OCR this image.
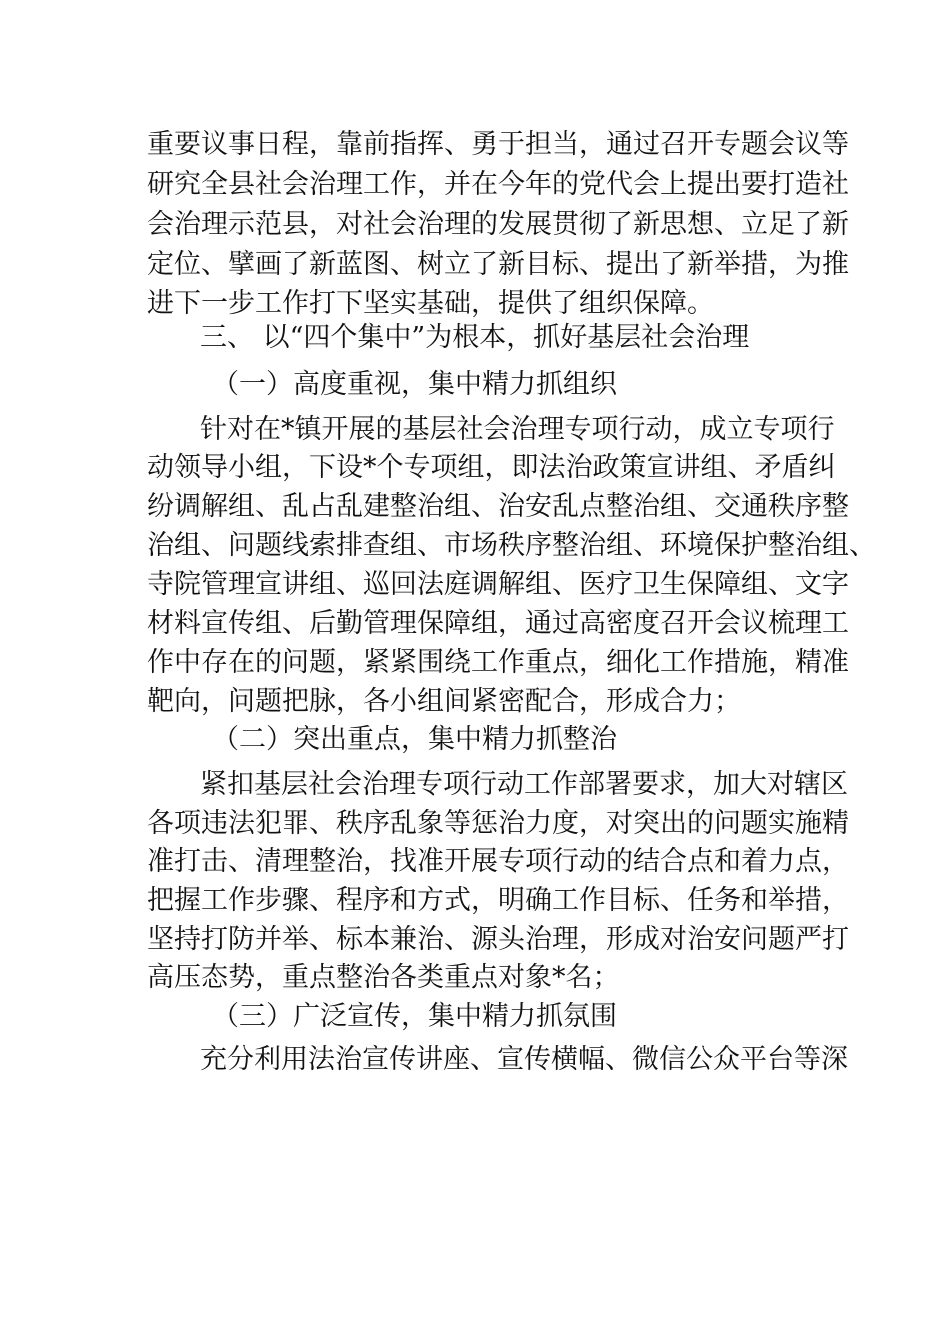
重要议事日程，靠前指挥、勇于担当，通过召开专题会议等
研究全县社会治理工作，并在今年的党代会上提出要打造社
会治理示范县，对社会治理的发展贯彻了新思想、立足了新
定位、擘画了新蓝图、树立了新目标、提出了新举措，为推
进下一步工作打下坚实基础，提供了组织保障。
三、 以“四个集中”为根本，抓好基层社会治理
（一）高度重视，集中精力抓组织
针对在*镇开展的基层社会治理专项行动，成立专项行
动领导小组，下设*个专项组，即法治政策宣讲组、矛盾纠
纷调解组、乱占乱建整治组、治安乱点整治组、交通秩序整
治组、问题线索排查组、市场秩序整治组、环境保护整治组、
寺院管理宣讲组、巡回法庭调解组、医疗卫生保障组、文字
材料宣传组、后勤管理保障组，通过高密度召开会议梳理工
作中存在的问题，紧紧围绕工作重点，细化工作措施，精准
靶向，问题把脉，各小组间紧密配合，形成合力；
（二）突出重点，集中精力抓整治
紧扣基层社会治理专项行动工作部署要求，加大对辖区
各项违法犯罪、秩序乱象等惩治力度，对突出的问题实施精
准打击、清理整治，找准开展专项行动的结合点和着力点，
把握工作步骤、程序和方式，明确工作目标、任务和举措，
坚持打防并举、标本兼治、源头治理，形成对治安问题严打
高压态势，重点整治各类重点对象*名；
（三）广泛宣传，集中精力抓氛围
充分利用法治宣传讲座、宣传横幅、微信公众平台等深
